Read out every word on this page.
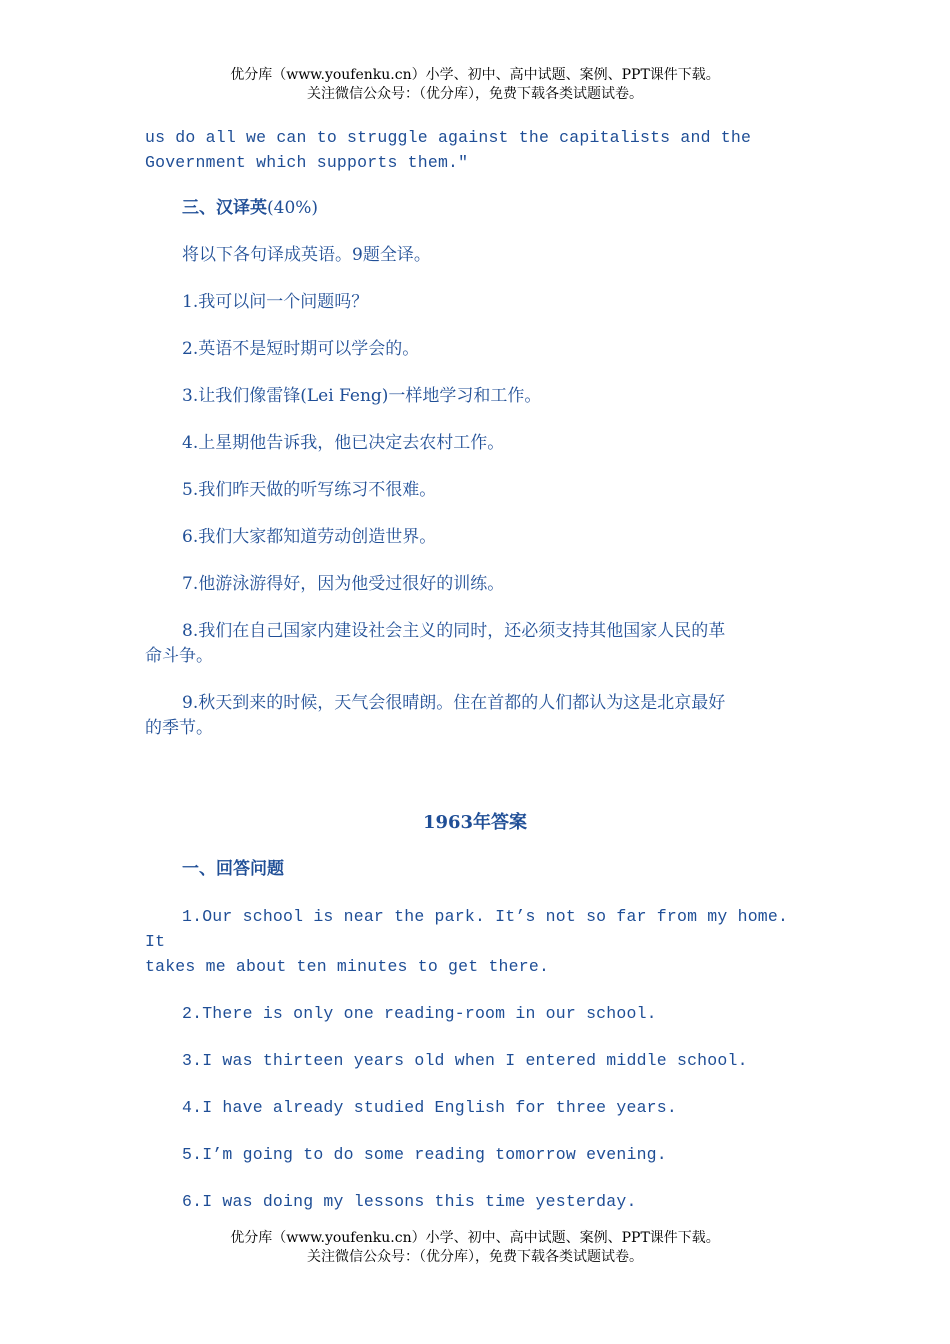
优分库（www.youfenku.cn）小学、初中、高中试题、案例、PPT课件下载。
关注微信公众号：（优分库），免费下载各类试题试卷。

us do all we can to struggle against the capitalists and the

Government which supports them.″

三、汉译英(40%)

将以下各句译成英语。9题全译。

1.我可以问一个问题吗？

2.英语不是短时期可以学会的。

3.让我们像雷锋(Lei Feng)一样地学习和工作。

4.上星期他告诉我，他已决定去农村工作。

5.我们昨天做的听写练习不很难。

6.我们大家都知道劳动创造世界。

7.他游泳游得好，因为他受过很好的训练。

8.我们在自己国家内建设社会主义的同时，还必须支持其他国家人民的革

命斗争。

9.秋天到来的时候，天气会很晴朗。住在首都的人们都认为这是北京最好

的季节。

1963年答案

一、回答问题

1.Our school is near the park. It’s not so far from my home. It

takes me about ten minutes to get there.

2.There is only one reading-room in our school.

3.I was thirteen years old when I entered middle school.

4.I have already studied English for three years.

5.I’m going to do some reading tomorrow evening.

6.I was doing my lessons this time yesterday.

优分库（www.youfenku.cn）小学、初中、高中试题、案例、PPT课件下载。
关注微信公众号：（优分库），免费下载各类试题试卷。
